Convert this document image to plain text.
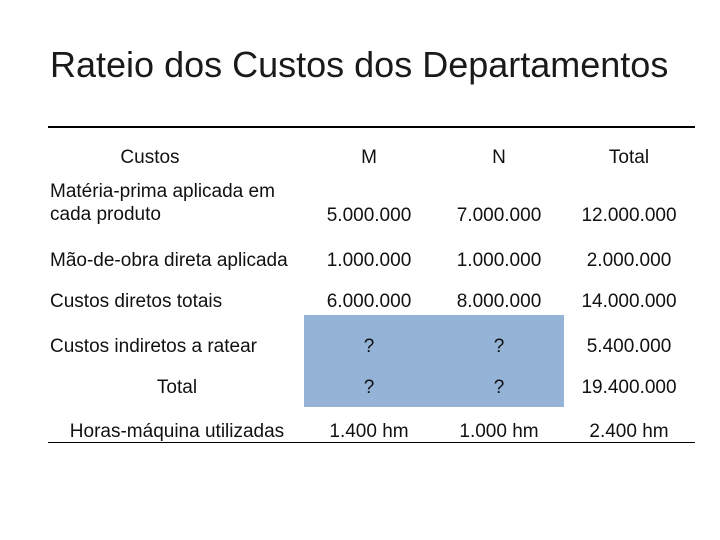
Rateio dos Custos dos Departamentos
Custos	M	N	Total
Matéria-prima aplicada em cada produto	5.000.000	7.000.000	12.000.000
Mão-de-obra direta aplicada	1.000.000	1.000.000	2.000.000
Custos diretos totais	6.000.000	8.000.000	14.000.000
Custos indiretos a ratear	?	?	5.400.000
Total	?	?	19.400.000
Horas-máquina utilizadas	1.400 hm	1.000 hm	2.400 hm
